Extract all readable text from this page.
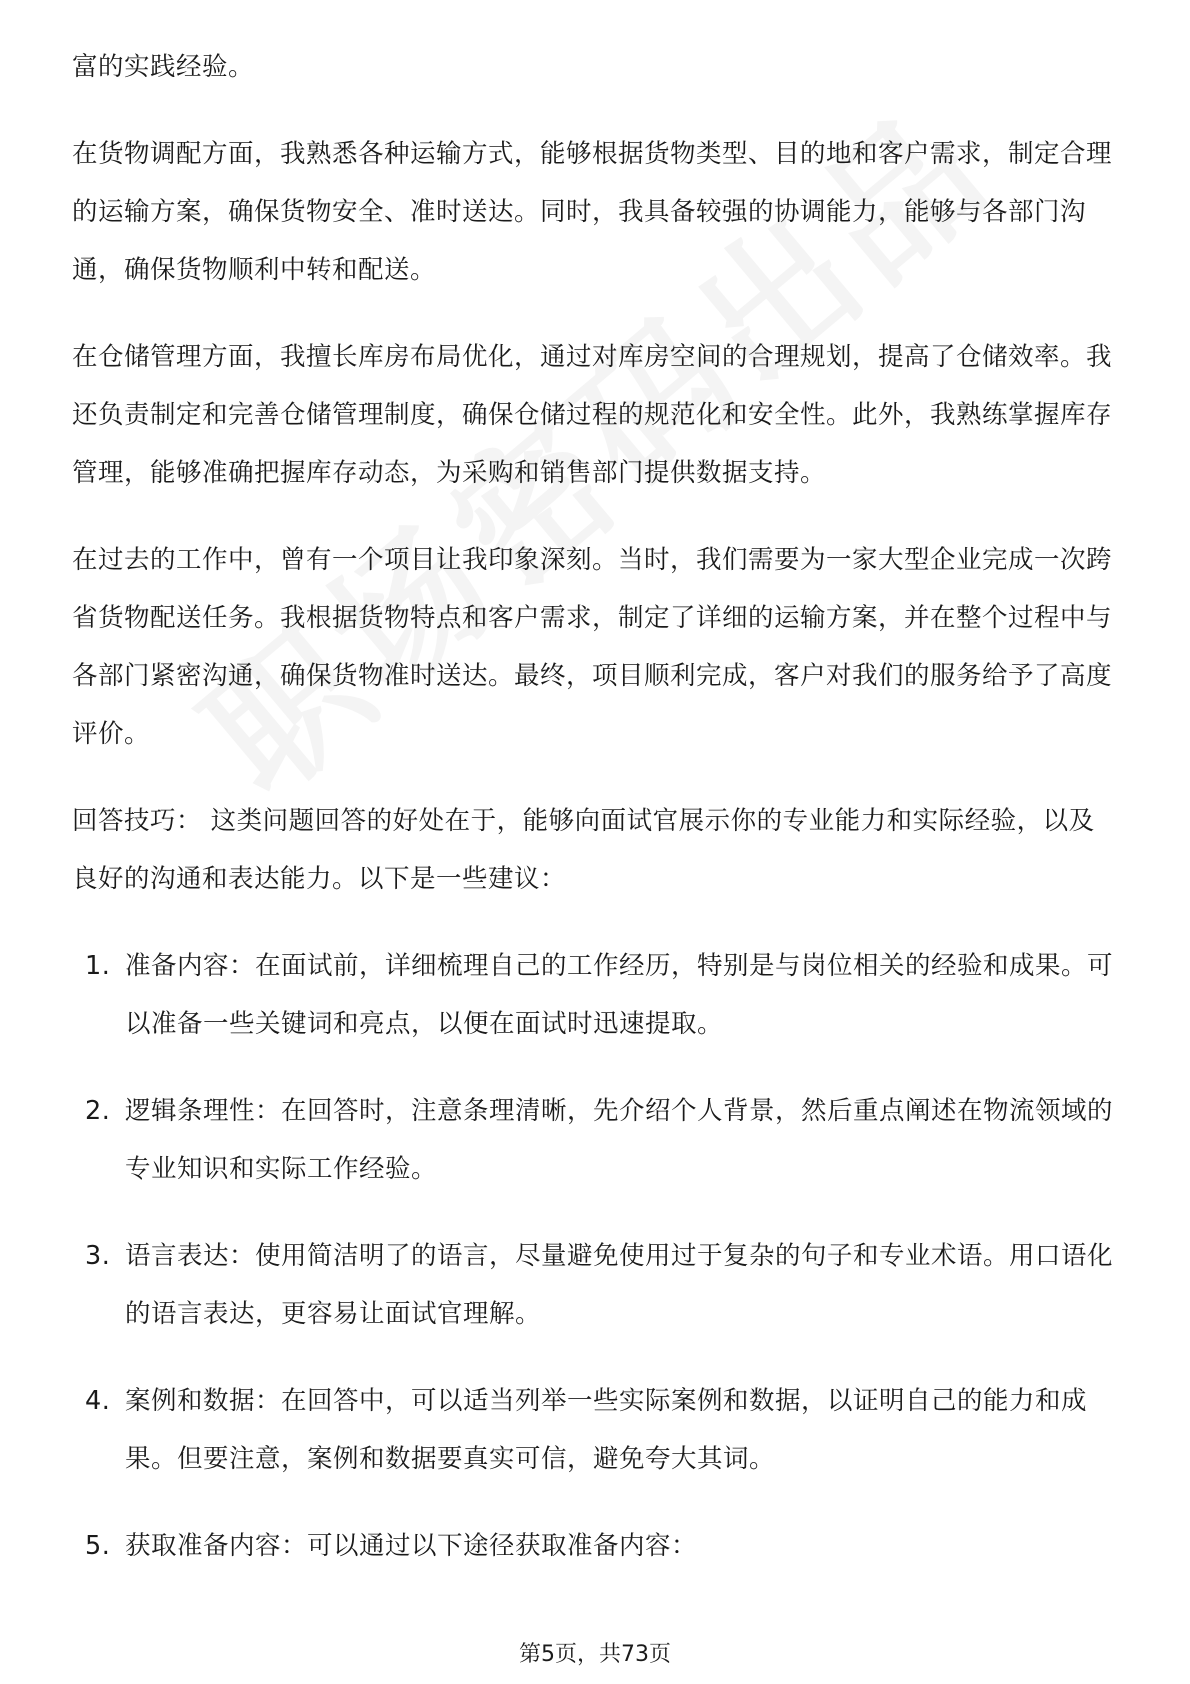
富的实践经验。

在货物调配方面，我熟悉各种运输方式，能够根据货物类型、目的地和客户需求，制定合理的运输方案，确保货物安全、准时送达。同时，我具备较强的协调能力，能够与各部门沟通，确保货物顺利中转和配送。

在仓储管理方面，我擅长库房布局优化，通过对库房空间的合理规划，提高了仓储效率。我还负责制定和完善仓储管理制度，确保仓储过程的规范化和安全性。此外，我熟练掌握库存管理，能够准确把握库存动态，为采购和销售部门提供数据支持。

在过去的工作中，曾有一个项目让我印象深刻。当时，我们需要为一家大型企业完成一次跨省货物配送任务。我根据货物特点和客户需求，制定了详细的运输方案，并在整个过程中与各部门紧密沟通，确保货物准时送达。最终，项目顺利完成，客户对我们的服务给予了高度评价。

回答技巧： 这类问题回答的好处在于，能够向面试官展示你的专业能力和实际经验，以及良好的沟通和表达能力。以下是一些建议：

1. 准备内容：在面试前，详细梳理自己的工作经历，特别是与岗位相关的经验和成果。可以准备一些关键词和亮点，以便在面试时迅速提取。
2. 逻辑条理性：在回答时，注意条理清晰，先介绍个人背景，然后重点阐述在物流领域的专业知识和实际工作经验。
3. 语言表达：使用简洁明了的语言，尽量避免使用过于复杂的句子和专业术语。用口语化的语言表达，更容易让面试官理解。
4. 案例和数据：在回答中，可以适当列举一些实际案例和数据，以证明自己的能力和成果。但要注意，案例和数据要真实可信，避免夸大其词。
5. 获取准备内容：可以通过以下途径获取准备内容：
第5页，共73页
